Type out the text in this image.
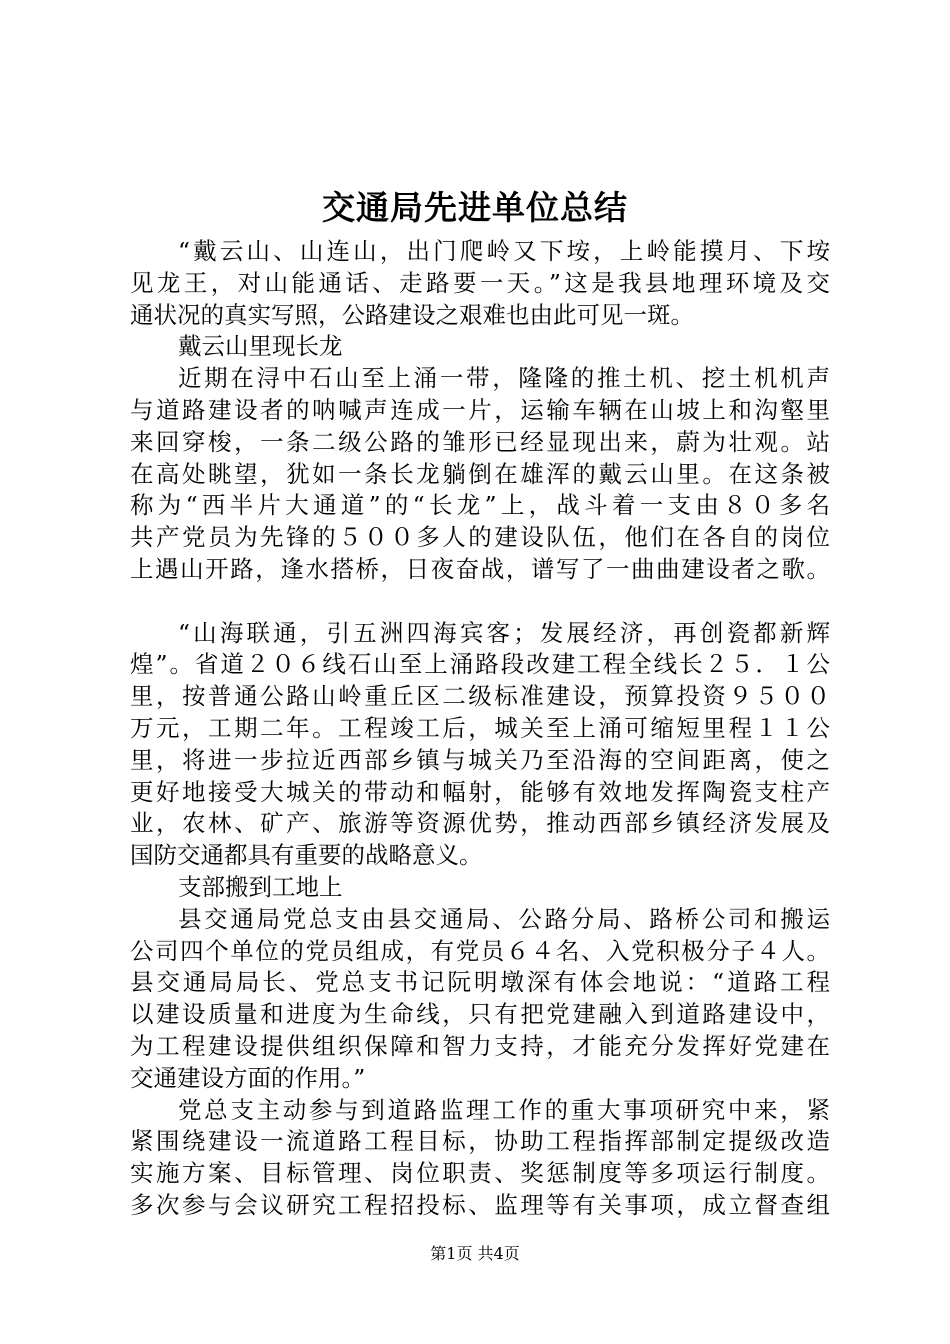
交通局先进单位总结
“戴云山、山连山，出门爬岭又下垵，上岭能摸月、下垵
见龙王，对山能通话、走路要一天。”这是我县地理环境及交
通状况的真实写照，公路建设之艰难也由此可见一斑。
戴云山里现长龙
近期在浔中石山至上涌一带，隆隆的推土机、挖土机机声
与道路建设者的呐喊声连成一片，运输车辆在山坡上和沟壑里
来回穿梭，一条二级公路的雏形已经显现出来，蔚为壮观。站
在高处眺望，犹如一条长龙躺倒在雄浑的戴云山里。在这条被
称为“西半片大通道”的“长龙”上，战斗着一支由８０多名
共产党员为先锋的５００多人的建设队伍，他们在各自的岗位
上遇山开路，逢水搭桥，日夜奋战，谱写了一曲曲建设者之歌。
“山海联通，引五洲四海宾客；发展经济，再创瓷都新辉
煌”。省道２０６线石山至上涌路段改建工程全线长２５．１公
里，按普通公路山岭重丘区二级标准建设，预算投资９５００
万元，工期二年。工程竣工后，城关至上涌可缩短里程１１公
里，将进一步拉近西部乡镇与城关乃至沿海的空间距离，使之
更好地接受大城关的带动和幅射，能够有效地发挥陶瓷支柱产
业，农林、矿产、旅游等资源优势，推动西部乡镇经济发展及
国防交通都具有重要的战略意义。
支部搬到工地上
县交通局党总支由县交通局、公路分局、路桥公司和搬运
公司四个单位的党员组成，有党员６４名、入党积极分子４人。
县交通局局长、党总支书记阮明墩深有体会地说：“道路工程
以建设质量和进度为生命线，只有把党建融入到道路建设中，
为工程建设提供组织保障和智力支持，才能充分发挥好党建在
交通建设方面的作用。”
党总支主动参与到道路监理工作的重大事项研究中来，紧
紧围绕建设一流道路工程目标，协助工程指挥部制定提级改造
实施方案、目标管理、岗位职责、奖惩制度等多项运行制度。
多次参与会议研究工程招投标、监理等有关事项，成立督查组
第1页 共4页
